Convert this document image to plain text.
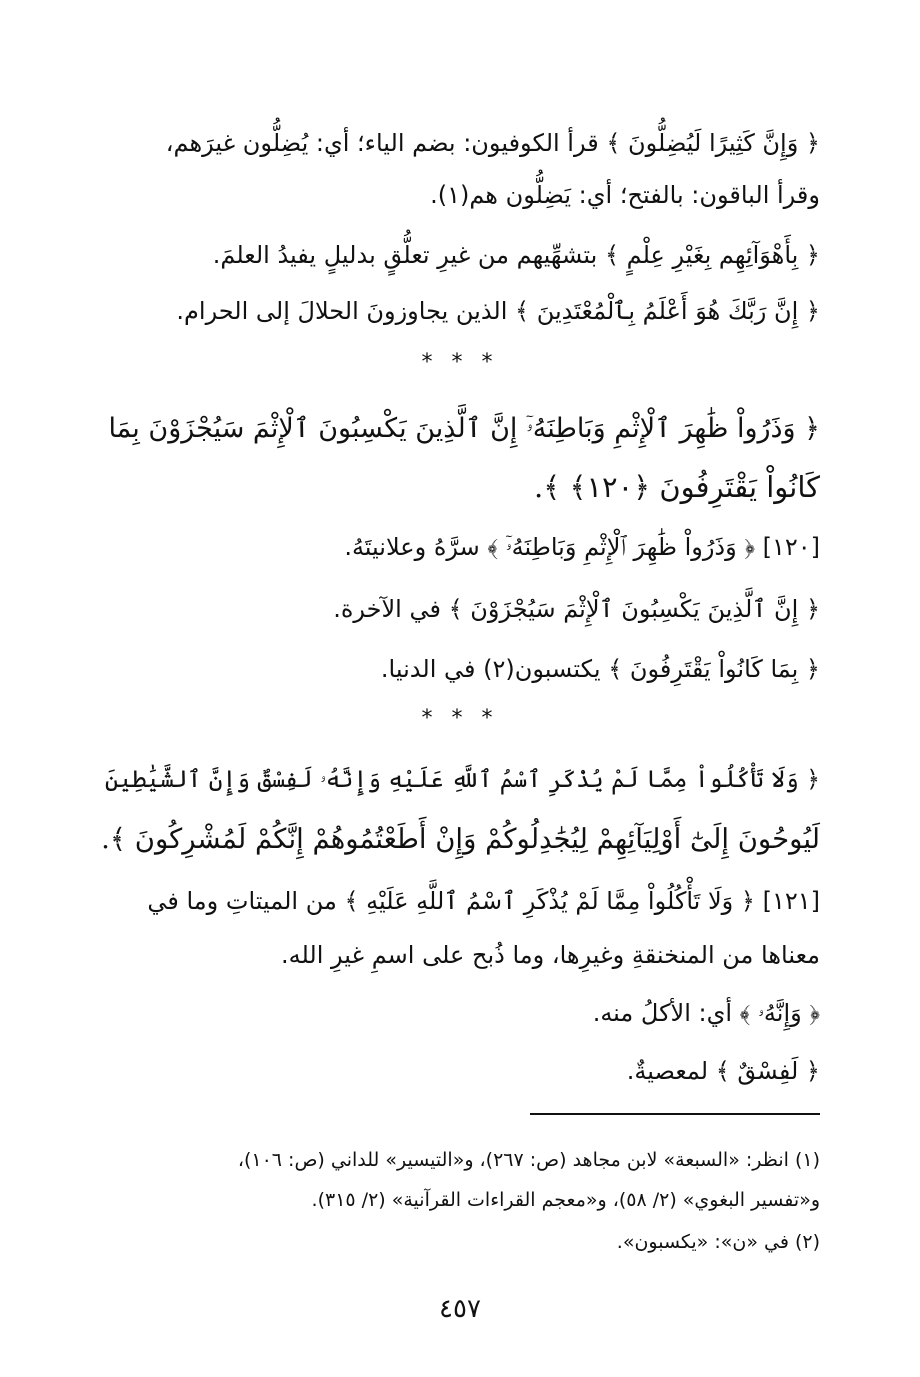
﴿ وَإِنَّ كَثِيرًا لَيُضِلُّونَ ﴾ قرأ الكوفيون: بضم الياء؛ أي: يُضِلُّون غيرَهم،
وقرأ الباقون: بالفتح؛ أي: يَضِلُّون هم(١).
﴿ بِأَهْوَآئِهِم بِغَيْرِ عِلْمٍ ﴾ بتشهِّيهم من غيرِ تعلُّقٍ بدليلٍ يفيدُ العلمَ.
﴿ إِنَّ رَبَّكَ هُوَ أَعْلَمُ بِٱلْمُعْتَدِينَ ﴾ الذين يجاوزونَ الحلالَ إلى الحرام.
* * *
﴿ وَذَرُواْ ظَٰهِرَ ٱلْإِثْمِ وَبَاطِنَهُۥٓ إِنَّ ٱلَّذِينَ يَكْسِبُونَ ٱلْإِثْمَ سَيُجْزَوْنَ بِمَا
كَانُواْ يَقْتَرِفُونَ ﴿١٢٠﴾ ﴾.
[١٢٠] ﴿ وَذَرُواْ ظَٰهِرَ ٱلْإِثْمِ وَبَاطِنَهُۥٓ ﴾ سرَّهُ وعلانيتَهُ.
﴿ إِنَّ ٱلَّذِينَ يَكْسِبُونَ ٱلْإِثْمَ سَيُجْزَوْنَ ﴾ في الآخرة.
﴿ بِمَا كَانُواْ يَقْتَرِفُونَ ﴾ يكتسبون(٢) في الدنيا.
* * *
﴿ وَلَا تَأْكُلُواْ مِمَّا لَمْ يُذْكَرِ ٱسْمُ ٱللَّهِ عَلَيْهِ وَإِنَّهُۥ لَفِسْقٌ وَإِنَّ ٱلشَّيَٰطِينَ
لَيُوحُونَ إِلَىٰٓ أَوْلِيَآئِهِمْ لِيُجَٰدِلُوكُمْ وَإِنْ أَطَعْتُمُوهُمْ إِنَّكُمْ لَمُشْرِكُونَ ﴾.
[١٢١] ﴿ وَلَا تَأْكُلُواْ مِمَّا لَمْ يُذْكَرِ ٱسْمُ ٱللَّهِ عَلَيْهِ ﴾ من الميتاتِ وما في
معناها من المنخنقةِ وغيرِها، وما ذُبح على اسمِ غيرِ الله.
﴿ وَإِنَّهُۥ ﴾ أي: الأكلُ منه.
﴿ لَفِسْقٌ ﴾ لمعصيةٌ.
(١) انظر: «السبعة» لابن مجاهد (ص: ٢٦٧)، و«التيسير» للداني (ص: ١٠٦)،
و«تفسير البغوي» (٢/ ٥٨)، و«معجم القراءات القرآنية» (٢/ ٣١٥).
(٢) في «ن»: «يكسبون».
٤٥٧
